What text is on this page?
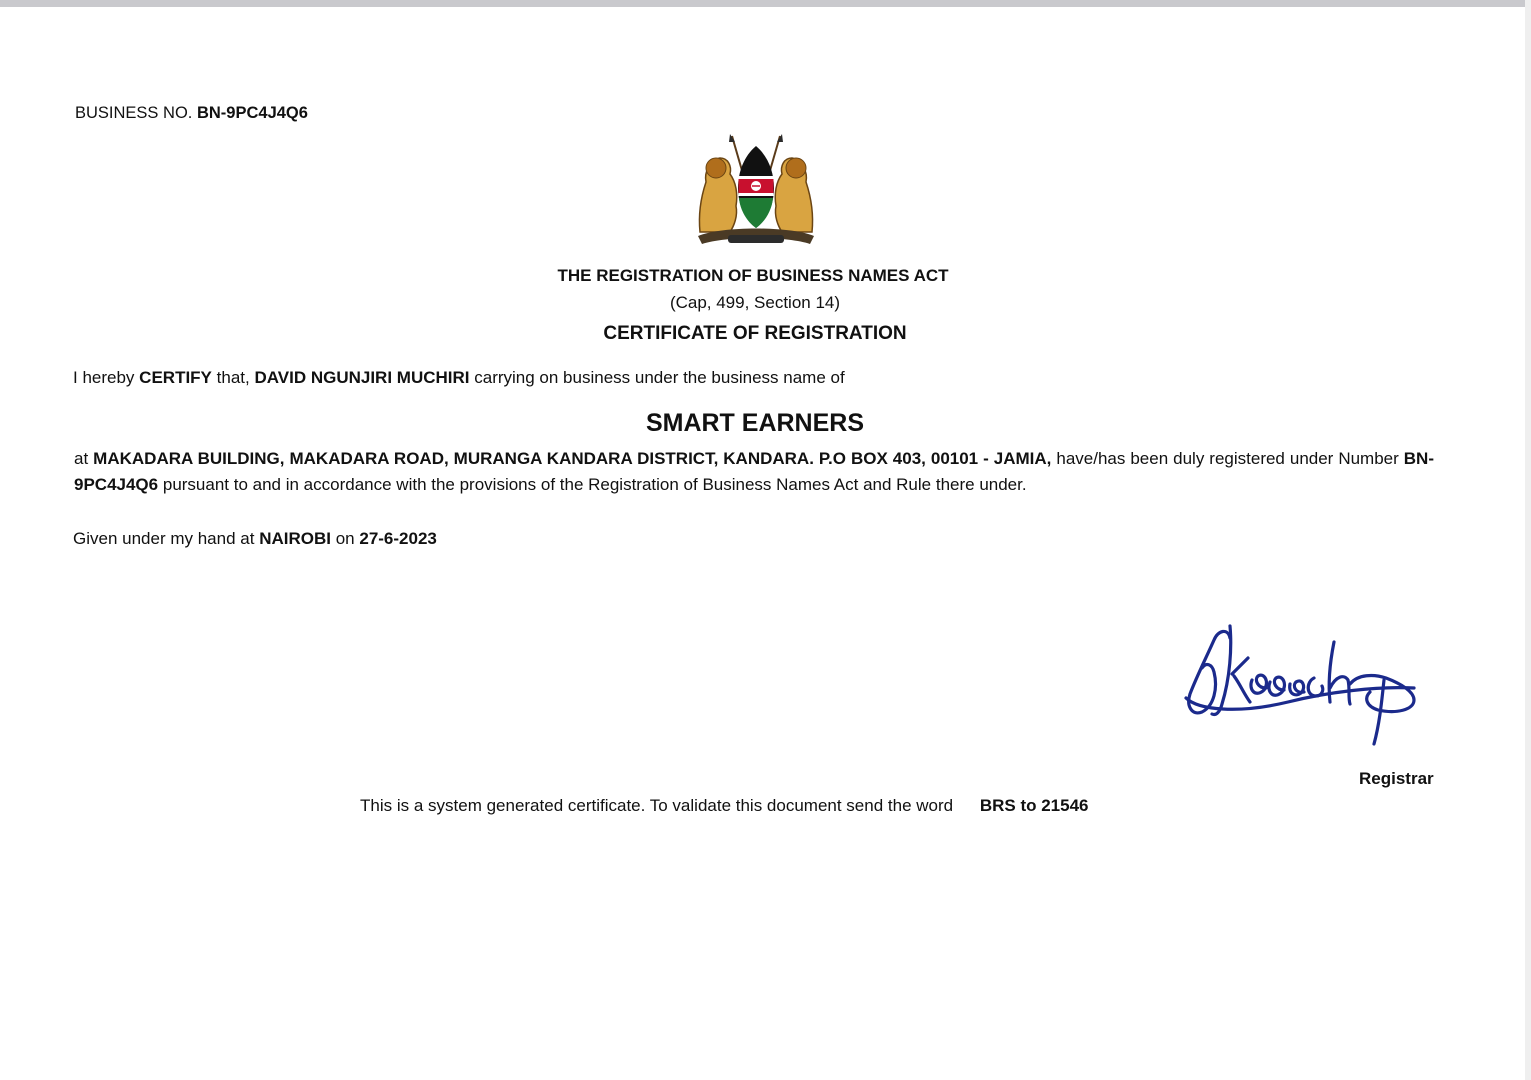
BUSINESS NO. BN-9PC4J4Q6
THE REGISTRATION OF BUSINESS NAMES ACT
(Cap, 499, Section 14)
CERTIFICATE OF REGISTRATION
I hereby CERTIFY that, DAVID NGUNJIRI MUCHIRI carrying on business under the business name of
SMART EARNERS
at MAKADARA BUILDING, MAKADARA ROAD, MURANGA KANDARA DISTRICT, KANDARA. P.O BOX 403, 00101 - JAMIA, have/has been duly registered under Number BN-9PC4J4Q6 pursuant to and in accordance with the provisions of the Registration of Business Names Act and Rule there under.
Given under my hand at NAIROBI on 27-6-2023
Registrar
This is a system generated certificate. To validate this document send the word BRS to 21546
